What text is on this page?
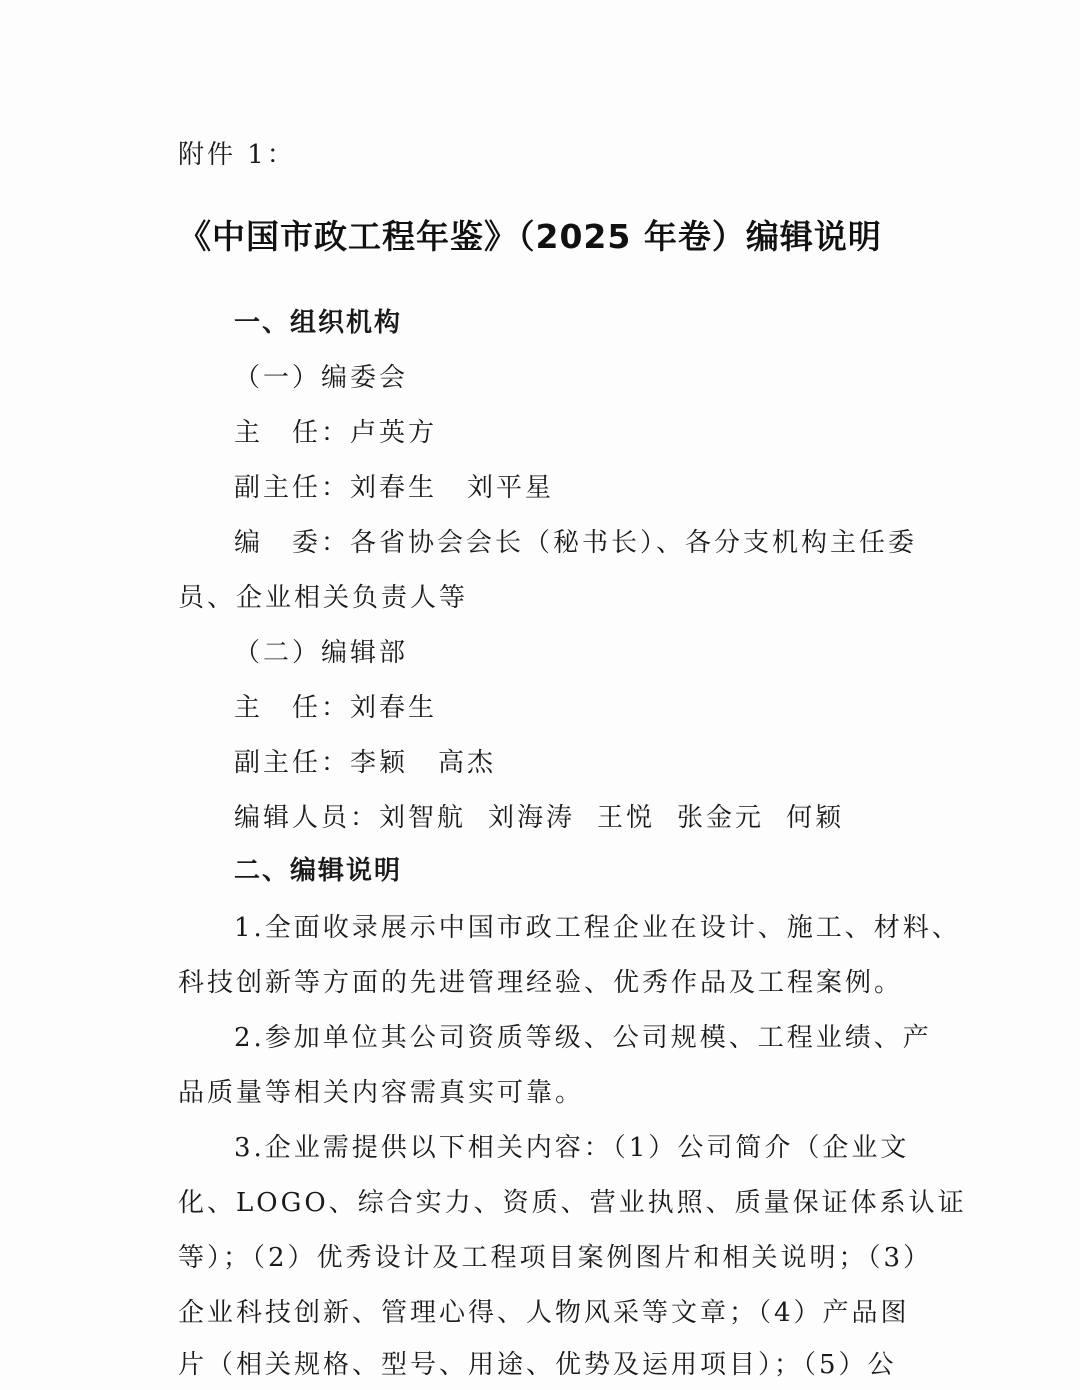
附件 1：
《中国市政工程年鉴》（2025 年卷）编辑说明
一、组织机构
（一）编委会
主　任：卢英方
副主任：刘春生 刘平星
编　委：各省协会会长（秘书长）、各分支机构主任委
员、企业相关负责人等
（二）编辑部
主　任：刘春生
副主任：李颖 高杰
编辑人员：刘智航 刘海涛 王悦 张金元 何颖
二、编辑说明
1.全面收录展示中国市政工程企业在设计、施工、材料、
科技创新等方面的先进管理经验、优秀作品及工程案例。
2.参加单位其公司资质等级、公司规模、工程业绩、产
品质量等相关内容需真实可靠。
3.企业需提供以下相关内容：（1）公司简介（企业文
化、LOGO、综合实力、资质、营业执照、质量保证体系认证
等）；（2）优秀设计及工程项目案例图片和相关说明；（3）
企业科技创新、管理心得、人物风采等文章；（4）产品图
片（相关规格、型号、用途、优势及运用项目）；（5）公
